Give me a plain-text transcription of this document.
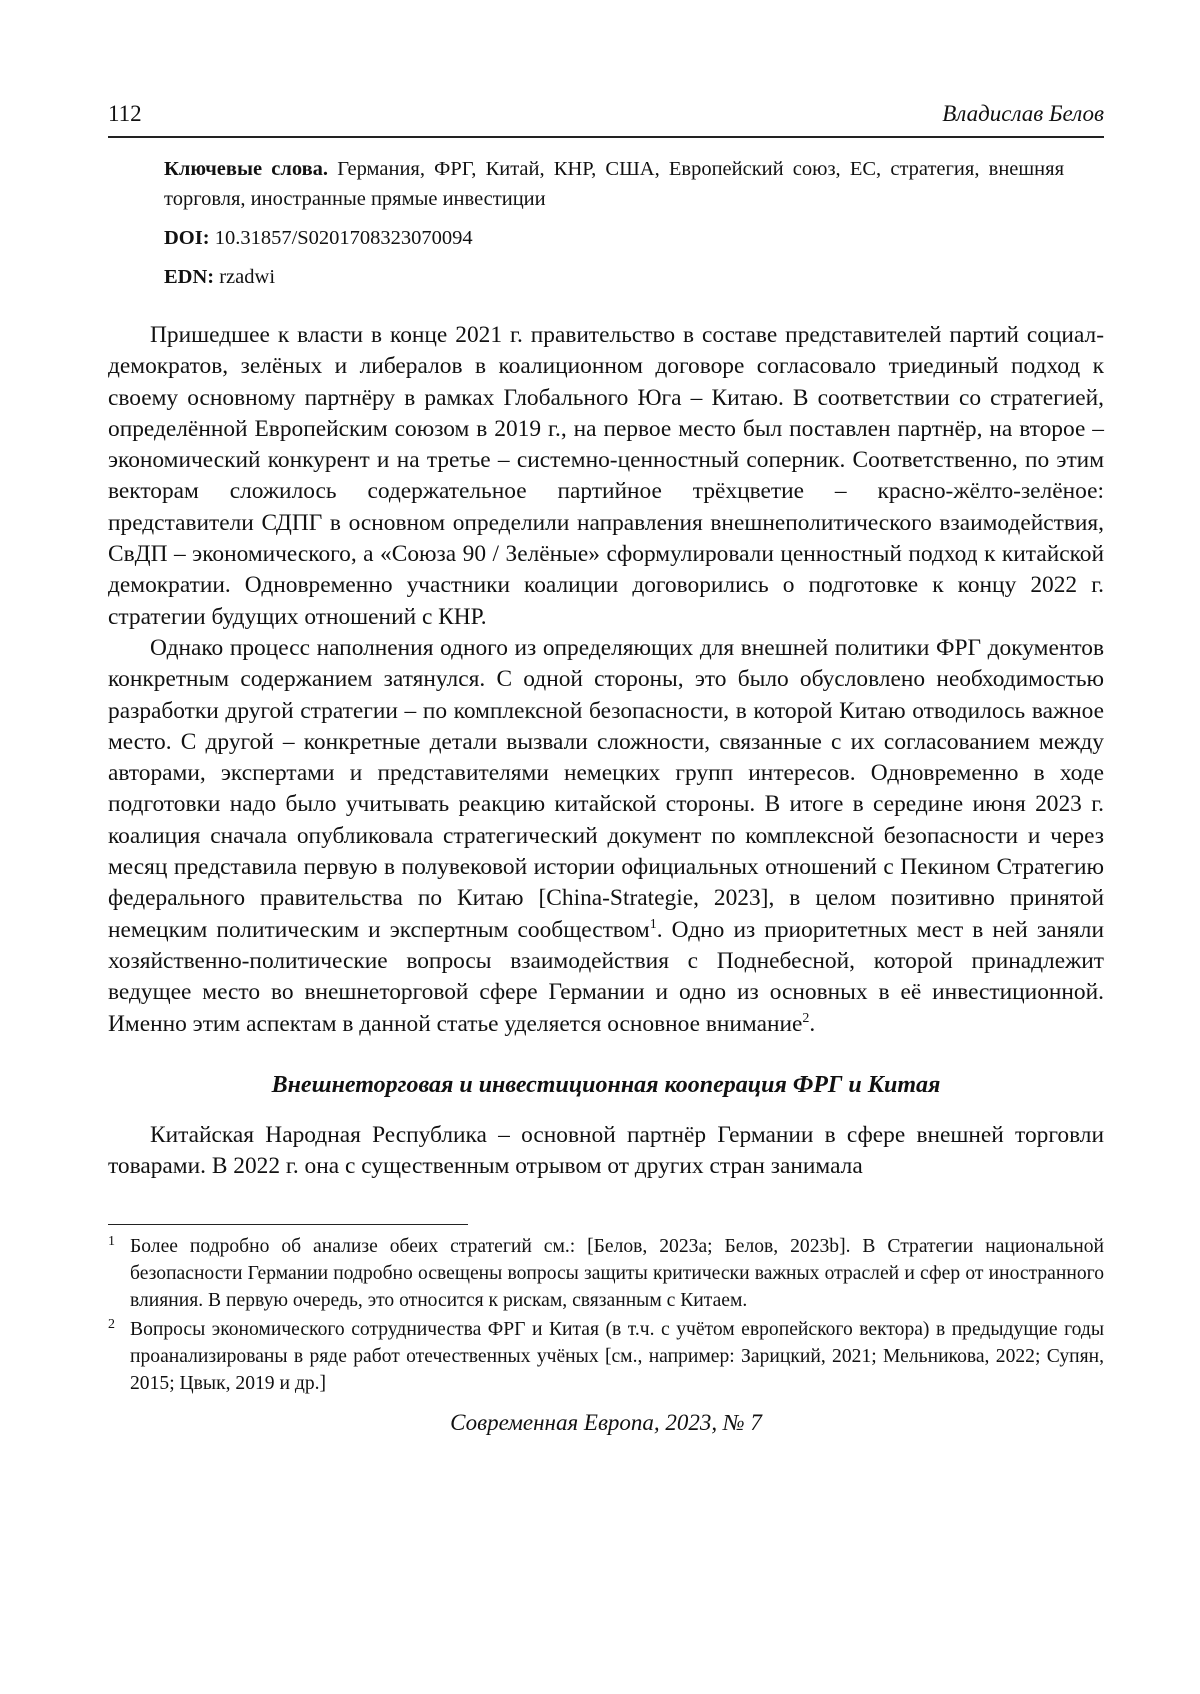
112	Владислав Белов

Ключевые слова. Германия, ФРГ, Китай, КНР, США, Европейский союз, ЕС, стратегия, внешняя торговля, иностранные прямые инвестиции

DOI: 10.31857/S0201708323070094

EDN: rzadwi

Пришедшее к власти в конце 2021 г. правительство в составе представителей партий социал-демократов, зелёных и либералов в коалиционном договоре согласовало триединый подход к своему основному партнёру в рамках Глобального Юга – Китаю. В соответствии со стратегией, определённой Европейским союзом в 2019 г., на первое место был поставлен партнёр, на второе – экономический конкурент и на третье – системно-ценностный соперник. Соответственно, по этим векторам сложилось содержательное партийное трёхцветие – красно-жёлто-зелёное: представители СДПГ в основном определили направления внешнеполитического взаимодействия, СвДП – экономического, а «Союза 90 / Зелёные» сформулировали ценностный подход к китайской демократии. Одновременно участники коалиции договорились о подготовке к концу 2022 г. стратегии будущих отношений с КНР.

Однако процесс наполнения одного из определяющих для внешней политики ФРГ документов конкретным содержанием затянулся. С одной стороны, это было обусловлено необходимостью разработки другой стратегии – по комплексной безопасности, в которой Китаю отводилось важное место. С другой – конкретные детали вызвали сложности, связанные с их согласованием между авторами, экспертами и представителями немецких групп интересов. Одновременно в ходе подготовки надо было учитывать реакцию китайской стороны. В итоге в середине июня 2023 г. коалиция сначала опубликовала стратегический документ по комплексной безопасности и через месяц представила первую в полувековой истории официальных отношений с Пекином Стратегию федерального правительства по Китаю [China-Strategie, 2023], в целом позитивно принятой немецким политическим и экспертным сообществом$^1$. Одно из приоритетных мест в ней заняли хозяйственно-политические вопросы взаимодействия с Поднебесной, которой принадлежит ведущее место во внешнеторговой сфере Германии и одно из основных в её инвестиционной. Именно этим аспектам в данной статье уделяется основное внимание$^2$.

Внешнеторговая и инвестиционная кооперация ФРГ и Китая

Китайская Народная Республика – основной партнёр Германии в сфере внешней торговли товарами. В 2022 г. она с существенным отрывом от других стран занимала

1 Более подробно об анализе обеих стратегий см.: [Белов, 2023a; Белов, 2023b]. В Стратегии национальной безопасности Германии подробно освещены вопросы защиты критически важных отраслей и сфер от иностранного влияния. В первую очередь, это относится к рискам, связанным с Китаем.

2 Вопросы экономического сотрудничества ФРГ и Китая (в т.ч. с учётом европейского вектора) в предыдущие годы проанализированы в ряде работ отечественных учёных [см., например: Зарицкий, 2021; Мельникова, 2022; Супян, 2015; Цвык, 2019 и др.]

Современная Европа, 2023, № 7
